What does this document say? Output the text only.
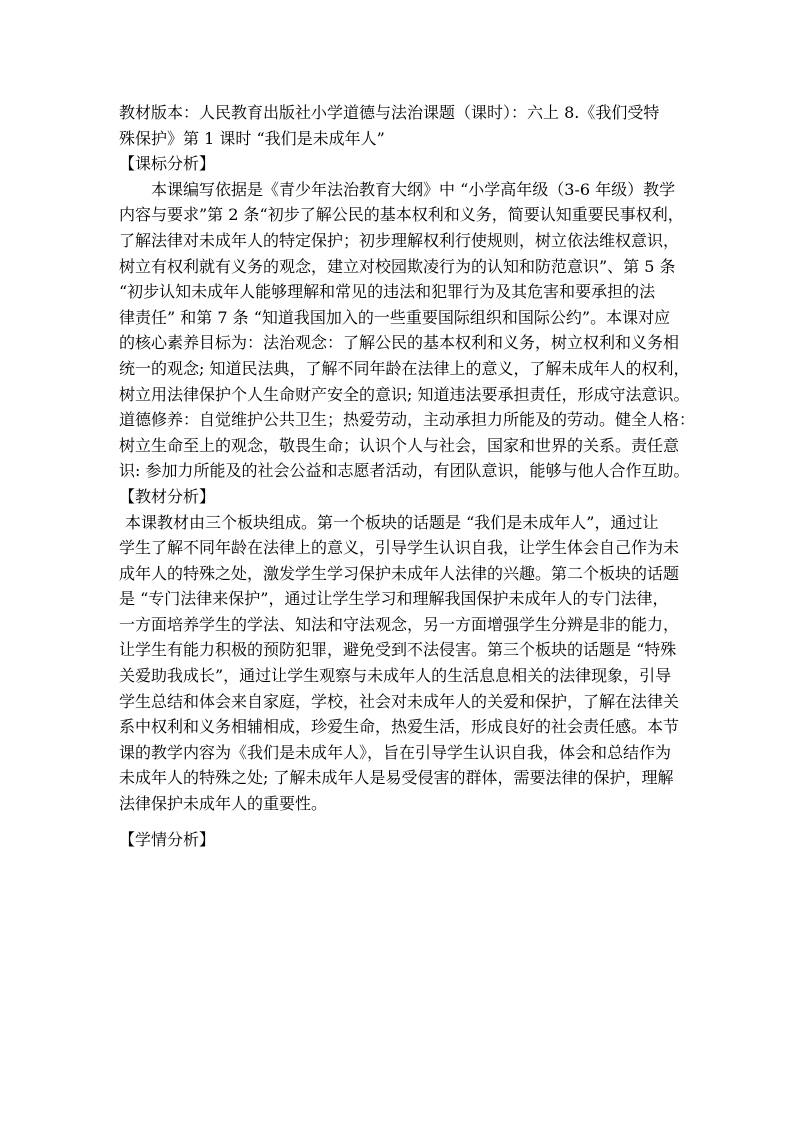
教材版本：人民教育出版社小学道德与法治课题（课时）：六上 8.《我们受特

殊保护》第 1 课时 “我们是未成年人”

【课标分析】

本课编写依据是《青少年法治教育大纲》中 “小学高年级（3-6 年级）教学

内容与要求”第 2 条“初步了解公民的基本权利和义务，简要认知重要民事权利，

了解法律对未成年人的特定保护；初步理解权利行使规则，树立依法维权意识，

树立有权利就有义务的观念，建立对校园欺凌行为的认知和防范意识”、第 5 条

“初步认知未成年人能够理解和常见的违法和犯罪行为及其危害和要承担的法

律责任” 和第 7 条 “知道我国加入的一些重要国际组织和国际公约”。本课对应

的核心素养目标为：法治观念：了解公民的基本权利和义务，树立权利和义务相

统一的观念; 知道民法典，了解不同年龄在法律上的意义，了解未成年人的权利，

树立用法律保护个人生命财产安全的意识; 知道违法要承担责任，形成守法意识。

道德修养：自觉维护公共卫生；热爱劳动，主动承担力所能及的劳动。健全人格：

树立生命至上的观念，敬畏生命；认识个人与社会，国家和世界的关系。责任意

识: 参加力所能及的社会公益和志愿者活动，有团队意识，能够与他人合作互助。

【教材分析】

本课教材由三个板块组成。第一个板块的话题是 “我们是未成年人”，通过让

学生了解不同年龄在法律上的意义，引导学生认识自我，让学生体会自己作为未

成年人的特殊之处，激发学生学习保护未成年人法律的兴趣。第二个板块的话题

是 “专门法律来保护”，通过让学生学习和理解我国保护未成年人的专门法律，

一方面培养学生的学法、知法和守法观念，另一方面增强学生分辨是非的能力，

让学生有能力积极的预防犯罪，避免受到不法侵害。第三个板块的话题是 “特殊

关爱助我成长”，通过让学生观察与未成年人的生活息息相关的法律现象，引导

学生总结和体会来自家庭，学校，社会对未成年人的关爱和保护，了解在法律关

系中权利和义务相辅相成，珍爱生命，热爱生活，形成良好的社会责任感。本节

课的教学内容为《我们是未成年人》，旨在引导学生认识自我，体会和总结作为

未成年人的特殊之处; 了解未成年人是易受侵害的群体，需要法律的保护，理解

法律保护未成年人的重要性。

【学情分析】
